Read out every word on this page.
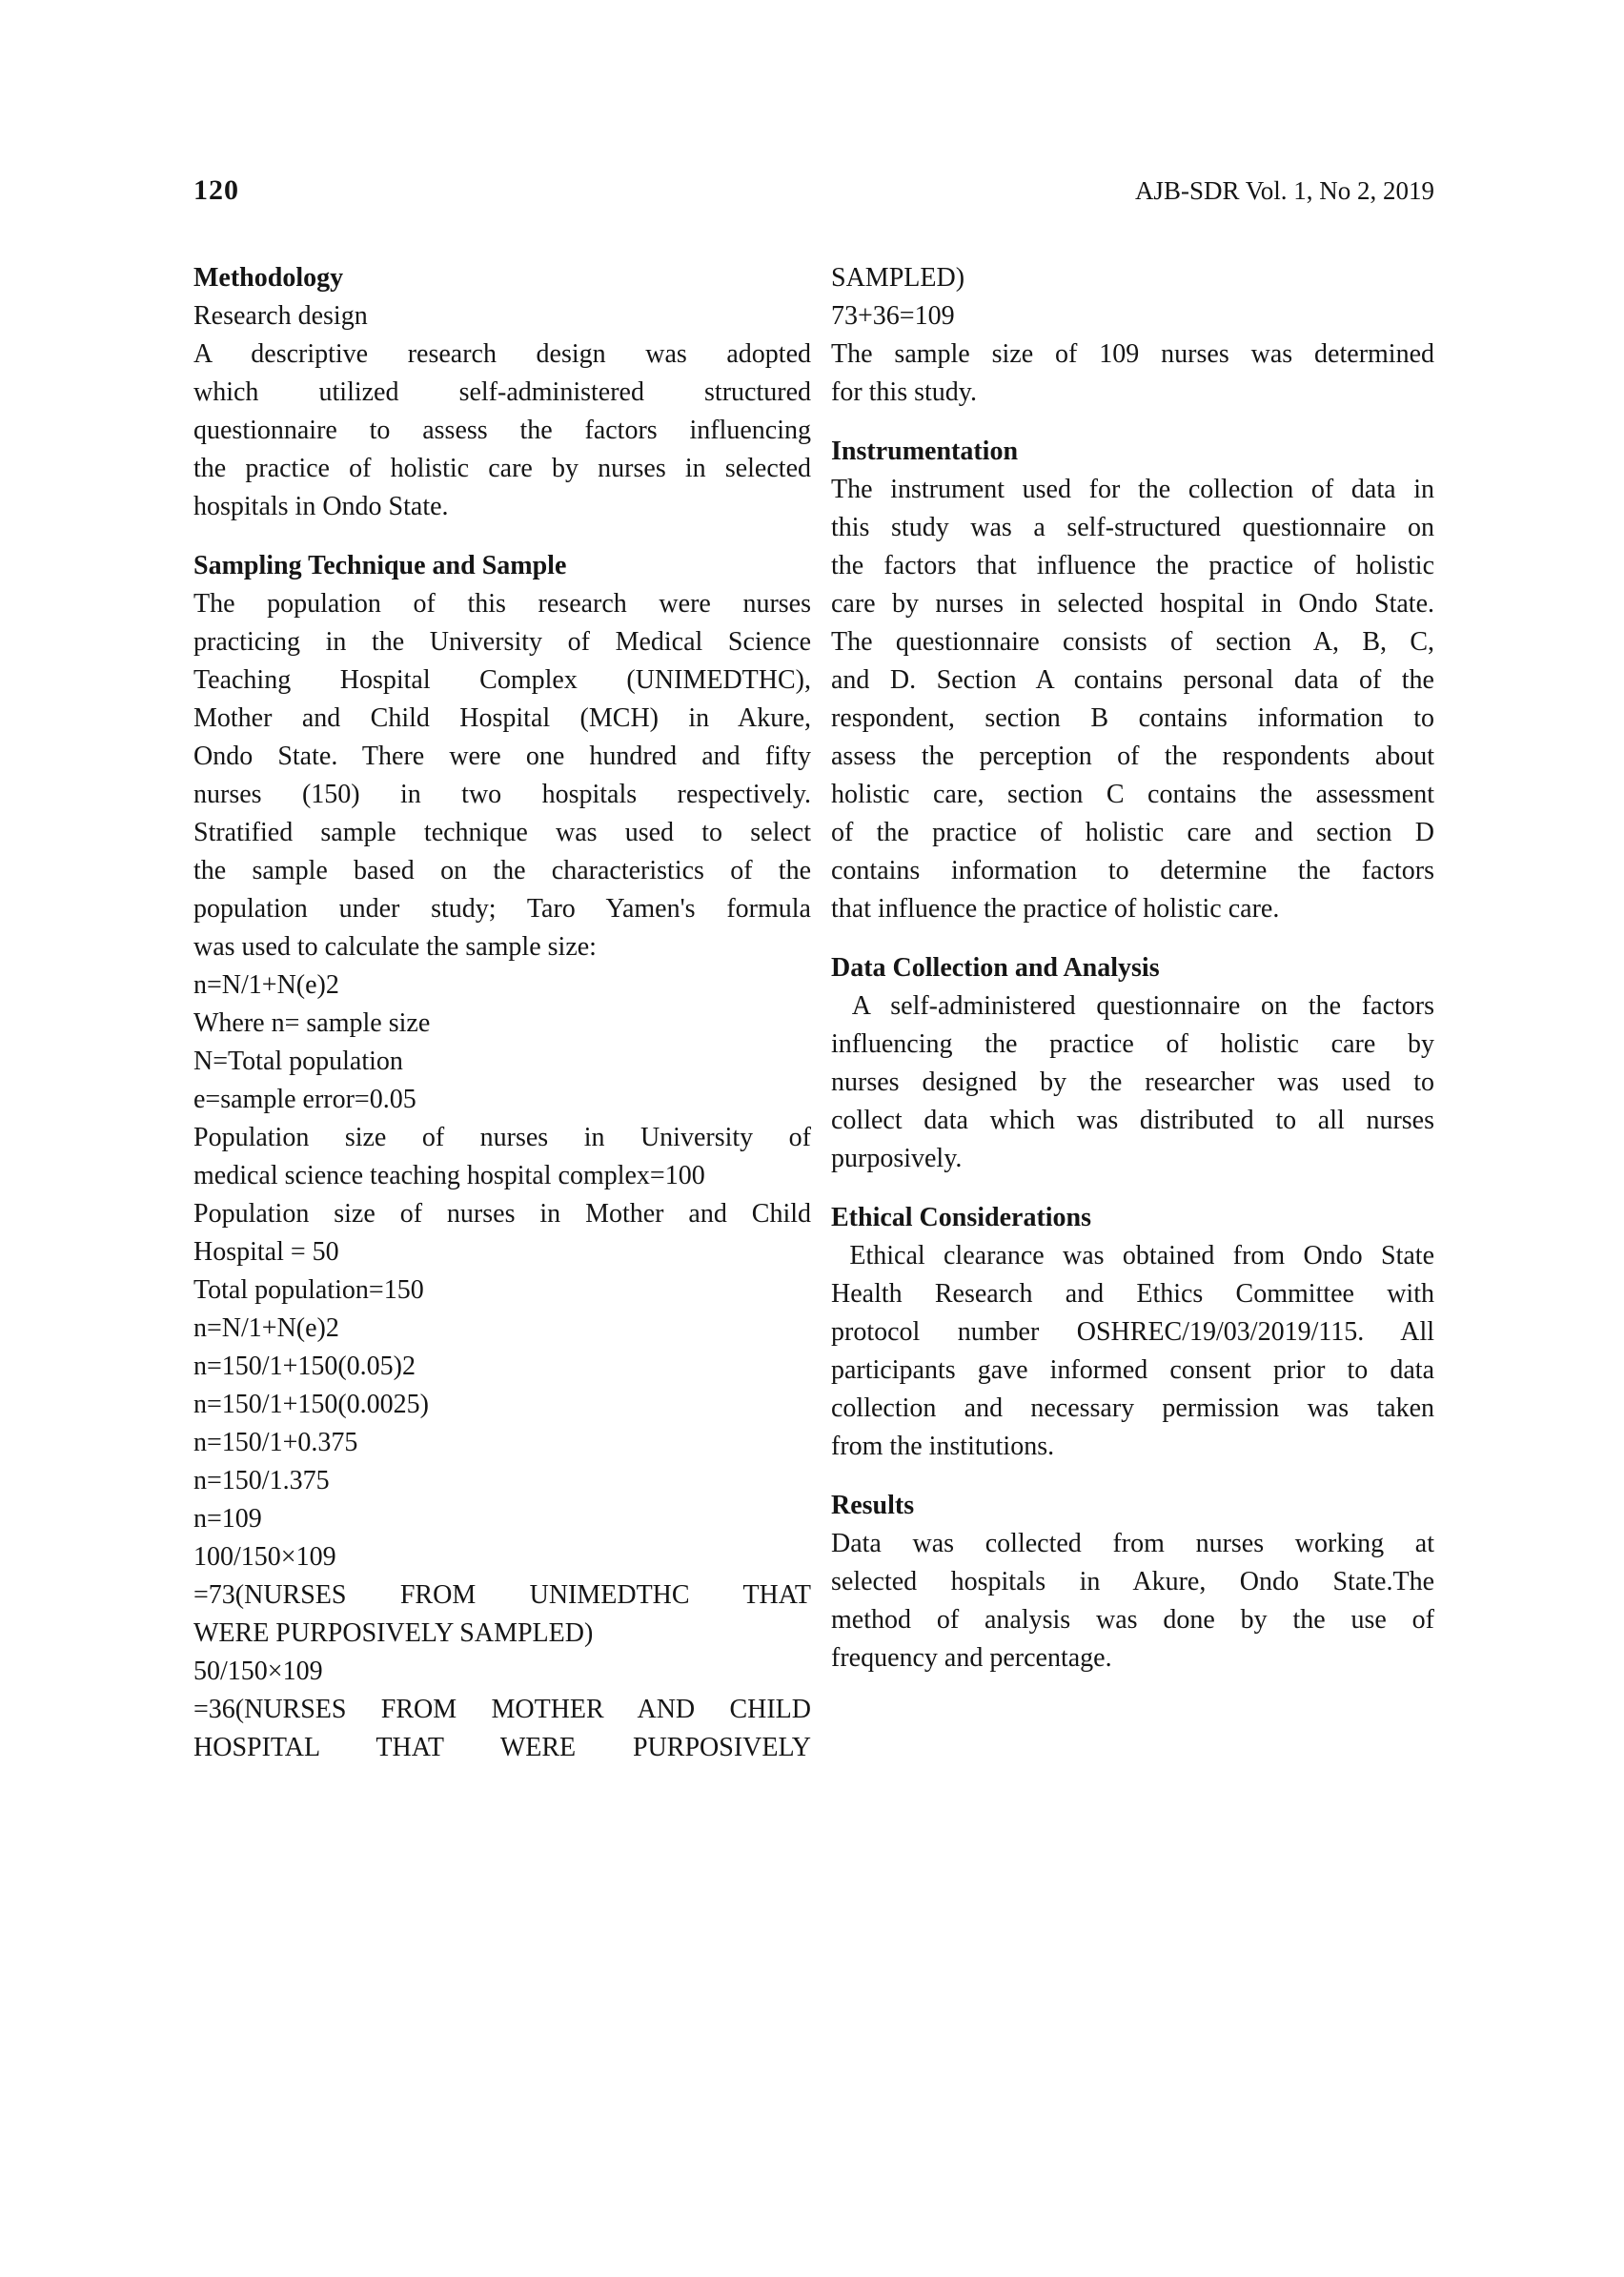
120	AJB-SDR Vol. 1, No 2, 2019
Methodology
Research design
A descriptive research design was adopted
which utilized self-administered structured
questionnaire to assess the factors influencing
the practice of holistic care by nurses in selected
hospitals in Ondo State.
Sampling Technique and Sample
The population of this research were nurses
practicing in the University of Medical Science
Teaching Hospital Complex (UNIMEDTHC),
Mother and Child Hospital (MCH) in Akure,
Ondo State. There were one hundred and fifty
nurses (150) in two hospitals respectively.
Stratified sample technique was used to select
the sample based on the characteristics of the
population under study; Taro Yamen's formula
was used to calculate the sample size:
n=N/1+N(e)2
Where n= sample size
N=Total population
e=sample error=0.05
Population size of nurses in University of
medical science teaching hospital complex=100
Population size of nurses in Mother and Child
Hospital = 50
Total population=150
n=N/1+N(e)2
n=150/1+150(0.05)2
n=150/1+150(0.0025)
n=150/1+0.375
n=150/1.375
n=109
100/150×109
=73(NURSES FROM UNIMEDTHC THAT
WERE PURPOSIVELY SAMPLED)
50/150×109
=36(NURSES FROM MOTHER AND CHILD
HOSPITAL THAT WERE PURPOSIVELY
SAMPLED)
73+36=109
The sample size of 109 nurses was determined
for this study.
Instrumentation
The instrument used for the collection of data in
this study was a self-structured questionnaire on
the factors that influence the practice of holistic
care by nurses in selected hospital in Ondo State.
The questionnaire consists of section A, B, C,
and D. Section A contains personal data of the
respondent, section B contains information to
assess the perception of the respondents about
holistic care, section C contains the assessment
of the practice of holistic care and section D
contains information to determine the factors
that influence the practice of holistic care.
Data Collection and Analysis
A self-administered questionnaire on the factors
influencing the practice of holistic care by
nurses designed by the researcher was used to
collect data which was distributed to all nurses
purposively.
Ethical Considerations
Ethical clearance was obtained from Ondo State
Health Research and Ethics Committee with
protocol number OSHREC/19/03/2019/115. All
participants gave informed consent prior to data
collection and necessary permission was taken
from the institutions.
Results
Data was collected from nurses working at
selected hospitals in Akure, Ondo State.The
method of analysis was done by the use of
frequency and percentage.
